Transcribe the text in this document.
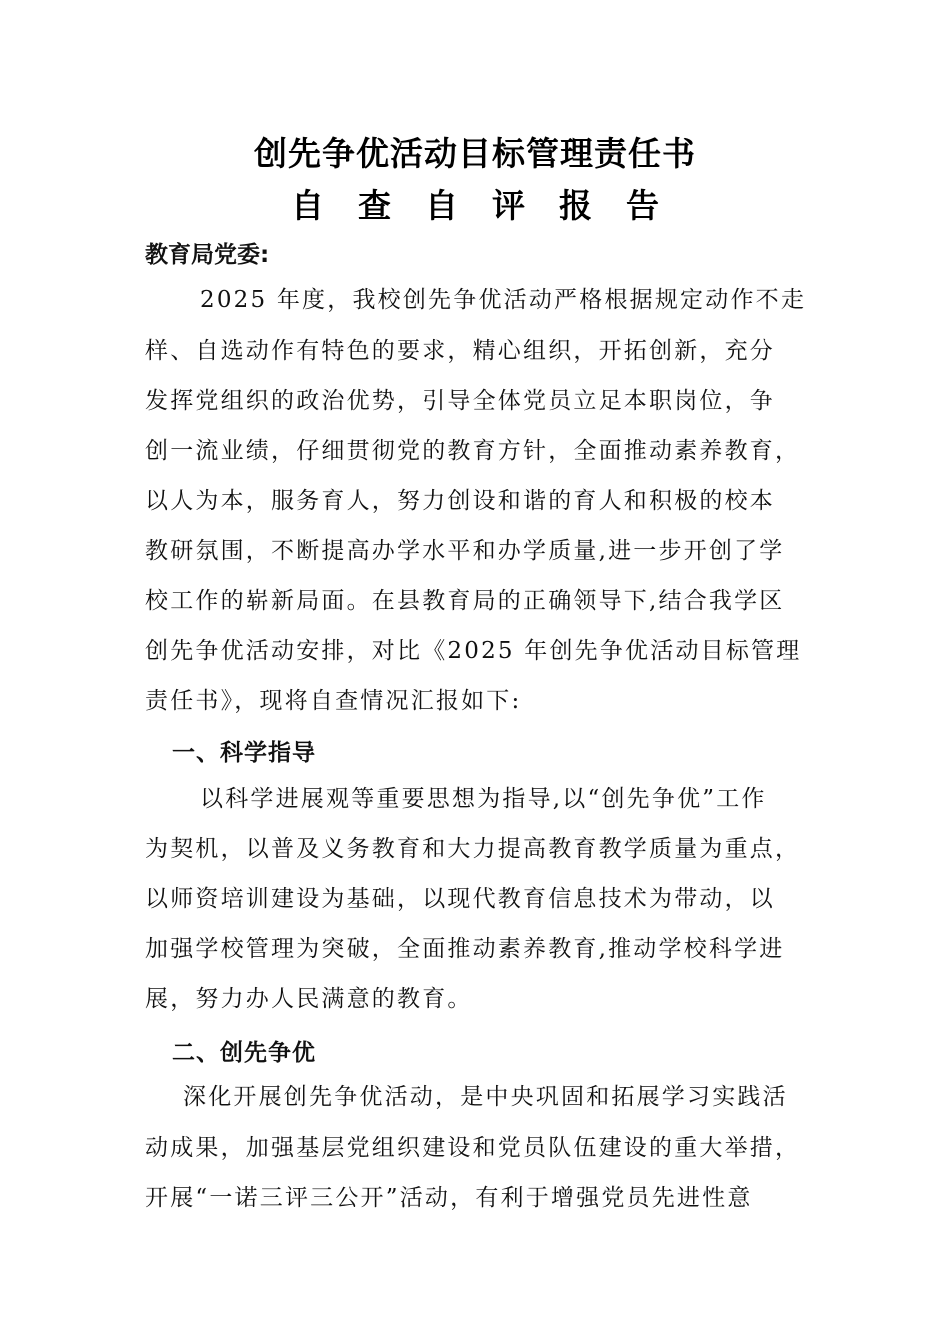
创先争优活动目标管理责任书
自查自评报告
教育局党委:
2025 年度，我校创先争优活动严格根据规定动作不走
样、自选动作有特色的要求，精心组织，开拓创新，充分
发挥党组织的政治优势，引导全体党员立足本职岗位，争
创一流业绩，仔细贯彻党的教育方针，全面推动素养教育，
以人为本，服务育人，努力创设和谐的育人和积极的校本
教研氛围，不断提高办学水平和办学质量,进一步开创了学
校工作的崭新局面。在县教育局的正确领导下,结合我学区
创先争优活动安排，对比《2025 年创先争优活动目标管理
责任书》，现将自查情况汇报如下:
一、科学指导
以科学进展观等重要思想为指导,以“创先争优”工作
为契机，以普及义务教育和大力提高教育教学质量为重点，
以师资培训建设为基础，以现代教育信息技术为带动，以
加强学校管理为突破，全面推动素养教育,推动学校科学进
展，努力办人民满意的教育。
二、创先争优
深化开展创先争优活动，是中央巩固和拓展学习实践活
动成果，加强基层党组织建设和党员队伍建设的重大举措，
开展“一诺三评三公开”活动，有利于增强党员先进性意
